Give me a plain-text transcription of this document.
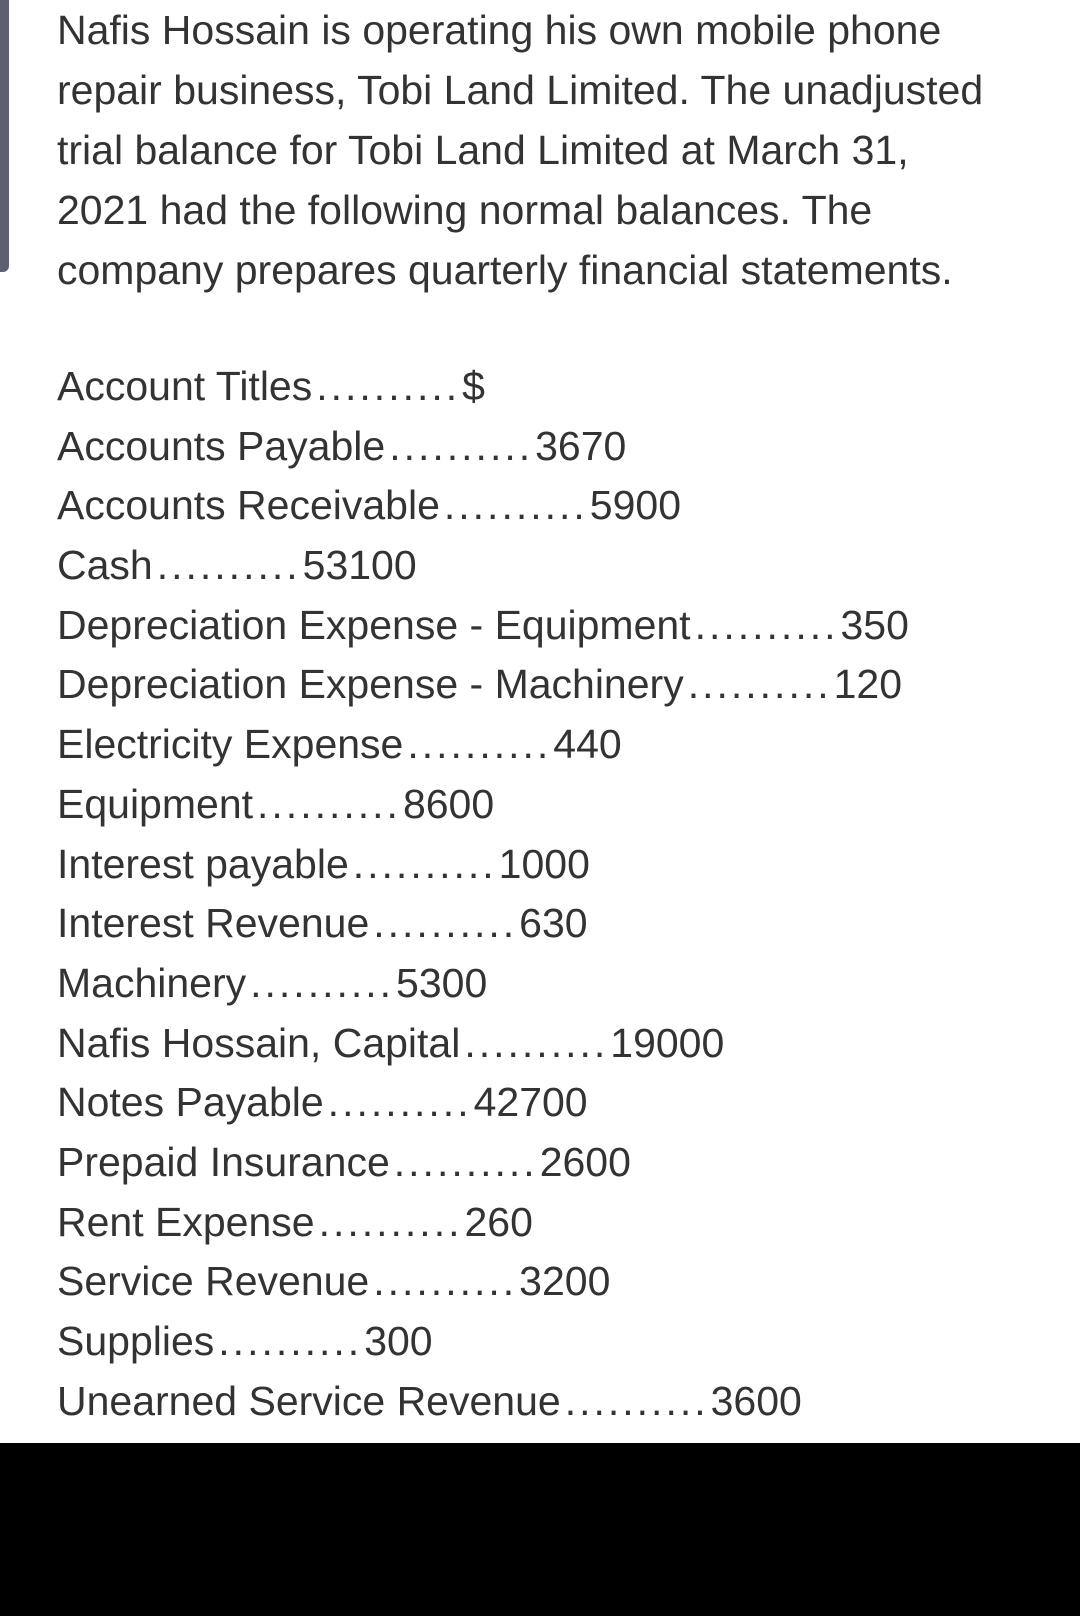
Nafis Hossain is operating his own mobile phone
repair business, Tobi Land Limited. The unadjusted
trial balance for Tobi Land Limited at March 31,
2021 had the following normal balances. The
company prepares quarterly financial statements.

Account Titles..........$
Accounts Payable..........3670
Accounts Receivable..........5900
Cash..........53100
Depreciation Expense - Equipment..........350
Depreciation Expense - Machinery..........120
Electricity Expense..........440
Equipment..........8600
Interest payable..........1000
Interest Revenue..........630
Machinery..........5300
Nafis Hossain, Capital..........19000
Notes Payable..........42700
Prepaid Insurance..........2600
Rent Expense..........260
Service Revenue..........3200
Supplies..........300
Unearned Service Revenue..........3600
